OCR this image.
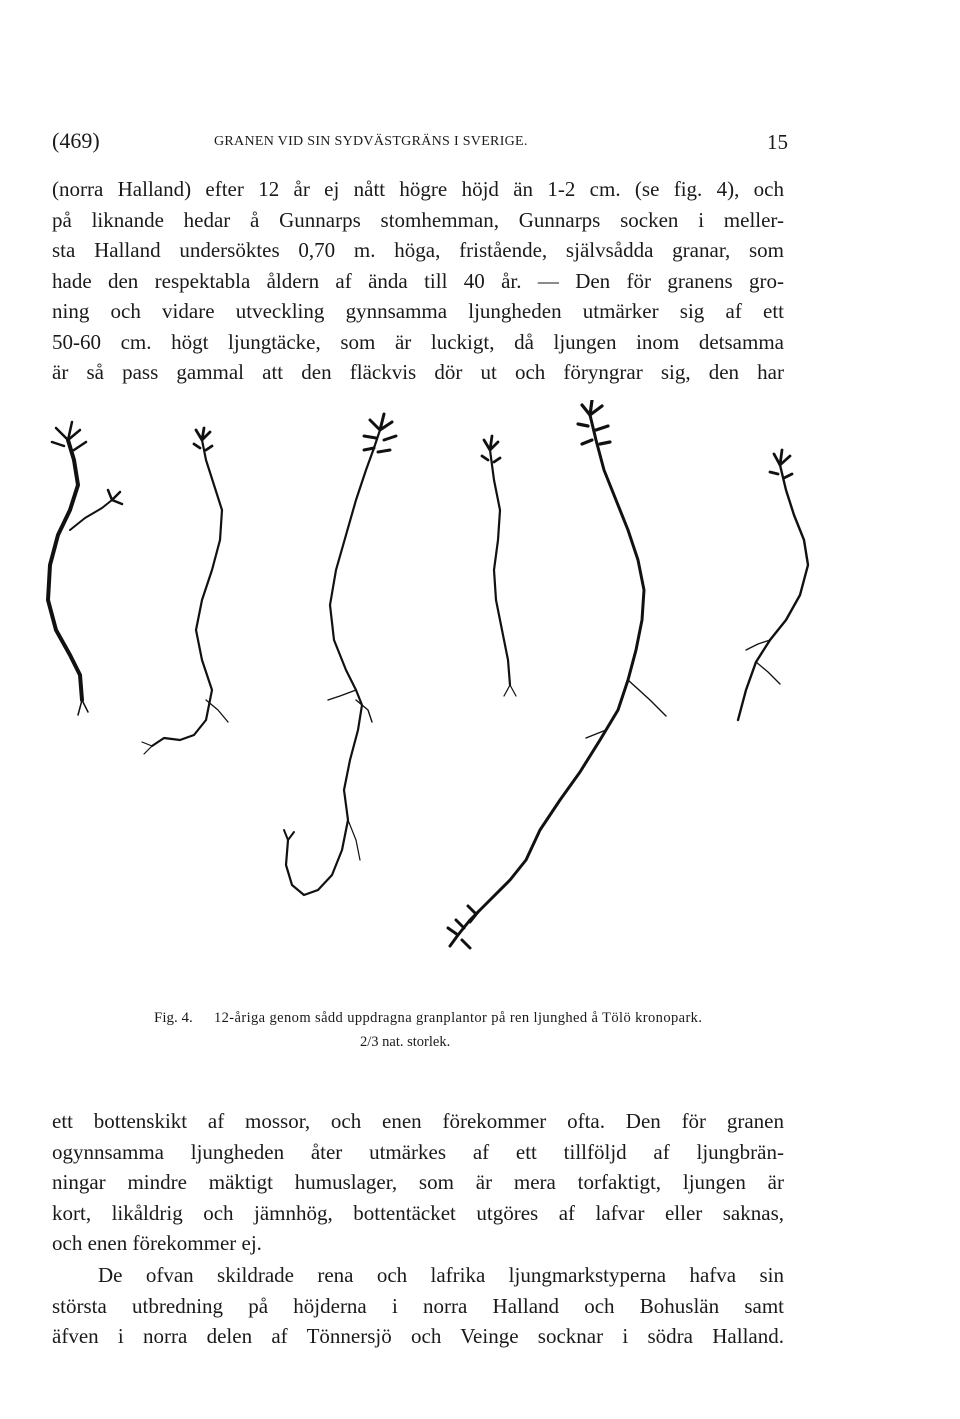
(469)	GRANEN VID SIN SYDVÄSTGRÄNS I SVERIGE.	15
(norra Halland) efter 12 år ej nått högre höjd än 1-2 cm. (se fig. 4), och
på liknande hedar å Gunnarps stomhemman, Gunnarps socken i meller-
sta Halland undersöktes 0,70 m. höga, fristående, självsådda granar, som
hade den respektabla åldern af ända till 40 år. — Den för granens gro-
ning och vidare utveckling gynnsamma ljungheden utmärker sig af ett
50-60 cm. högt ljungtäcke, som är luckigt, då ljungen inom detsamma
är så pass gammal att den fläckvis dör ut och föryngrar sig, den har
Fig. 4. 12-åriga genom sådd uppdragna granplantor på ren ljunghed å Tölö kronopark.
2/3 nat. storlek.
ett bottenskikt af mossor, och enen förekommer ofta. Den för granen
ogynnsamma ljungheden åter utmärkes af ett tillföljd af ljungbrän-
ningar mindre mäktigt humuslager, som är mera torfaktigt, ljungen är
kort, likåldrig och jämnhög, bottentäcket utgöres af lafvar eller saknas,
och enen förekommer ej.
De ofvan skildrade rena och lafrika ljungmarkstyperna hafva sin
största utbredning på höjderna i norra Halland och Bohuslän samt
äfven i norra delen af Tönnersjö och Veinge socknar i södra Halland.
